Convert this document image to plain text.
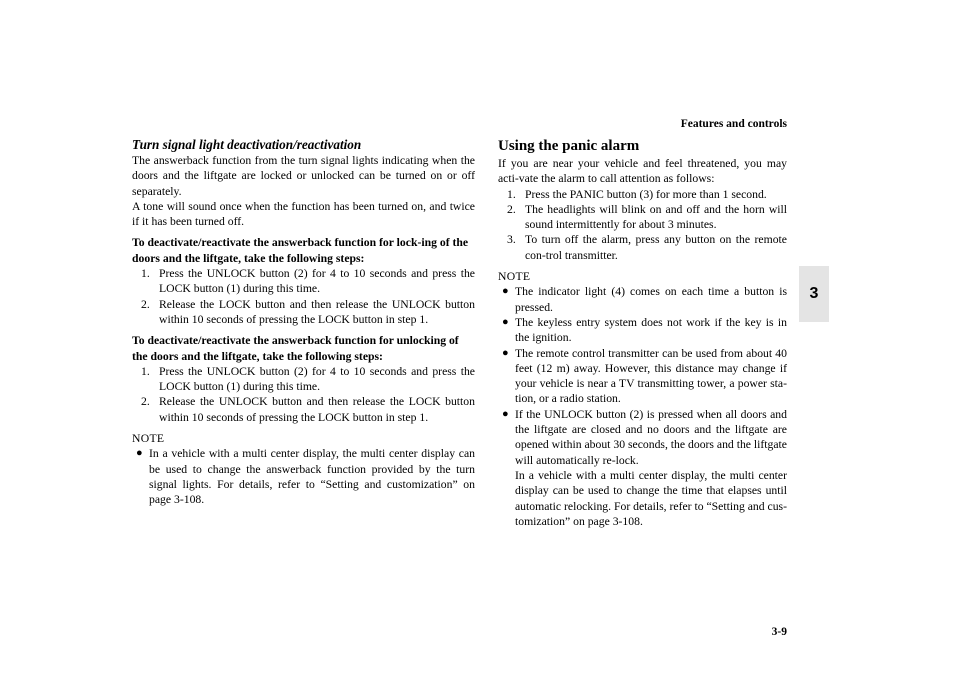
Features and controls
3
3-9
Turn signal light deactivation/reactivation

The answerback function from the turn signal lights indicating when the doors and the liftgate are locked or unlocked can be turned on or off separately.

A tone will sound once when the function has been turned on, and twice if it has been turned off.

To deactivate/reactivate the answerback function for lock-ing of the doors and the liftgate, take the following steps:

1. Press the UNLOCK button (2) for 4 to 10 seconds and press the LOCK button (1) during this time.
2. Release the LOCK button and then release the UNLOCK button within 10 seconds of pressing the LOCK button in step 1.

To deactivate/reactivate the answerback function for unlocking of the doors and the liftgate, take the following steps:

1. Press the UNLOCK button (2) for 4 to 10 seconds and press the LOCK button (1) during this time.
2. Release the UNLOCK button and then release the LOCK button within 10 seconds of pressing the LOCK button in step 1.
NOTE
● In a vehicle with a multi center display, the multi center display can be used to change the answerback function provided by the turn signal lights. For details, refer to “Setting and customization” on page 3-108.
Using the panic alarm

If you are near your vehicle and feel threatened, you may acti-vate the alarm to call attention as follows:

1. Press the PANIC button (3) for more than 1 second.
2. The headlights will blink on and off and the horn will sound intermittently for about 3 minutes.
3. To turn off the alarm, press any button on the remote con-trol transmitter.
NOTE
● The indicator light (4) comes on each time a button is pressed.
● The keyless entry system does not work if the key is in the ignition.
● The remote control transmitter can be used from about 40 feet (12 m) away. However, this distance may change if your vehicle is near a TV transmitting tower, a power sta-tion, or a radio station.
● If the UNLOCK button (2) is pressed when all doors and the liftgate are closed and no doors and the liftgate are opened within about 30 seconds, the doors and the liftgate will automatically re-lock.
In a vehicle with a multi center display, the multi center display can be used to change the time that elapses until automatic relocking. For details, refer to “Setting and cus-tomization” on page 3-108.
